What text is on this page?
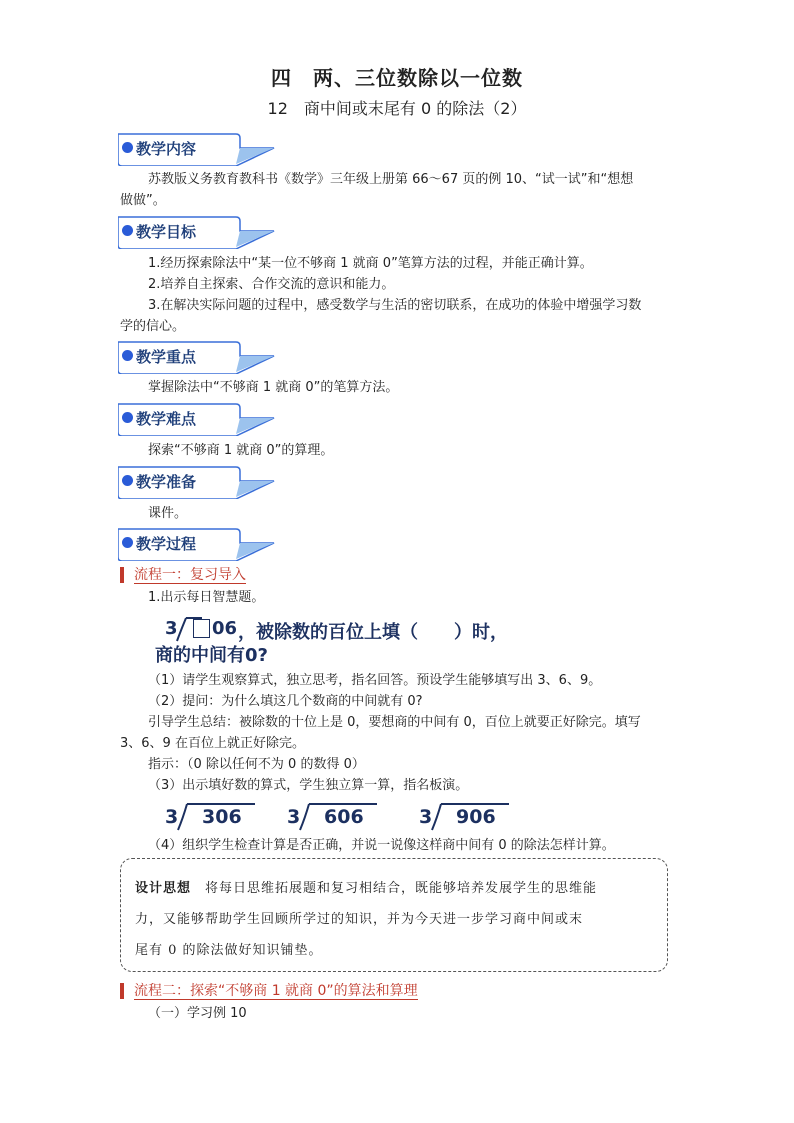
四　两、三位数除以一位数
12　商中间或末尾有 0 的除法（2）
教学内容
苏教版义务教育教科书《数学》三年级上册第 66～67 页的例 10、“试一试”和“想想
做做”。
教学目标
1.经历探索除法中“某一位不够商 1 就商 0”笔算方法的过程，并能正确计算。
2.培养自主探索、合作交流的意识和能力。
3.在解决实际问题的过程中，感受数学与生活的密切联系，在成功的体验中增强学习数
学的信心。
教学重点
掌握除法中“不够商 1 就商 0”的笔算方法。
教学难点
探索“不够商 1 就商 0”的算理。
教学准备
课件。
教学过程
流程一：复习导入
1.出示每日智慧题。
3 06 ，被除数的百位上填（　　）时，
商的中间有0?
（1）请学生观察算式，独立思考，指名回答。预设学生能够填写出 3、6、9。
（2）提问：为什么填这几个数商的中间就有 0?
引导学生总结：被除数的十位上是 0，要想商的中间有 0，百位上就要正好除完。填写
3、6、9 在百位上就正好除完。
指示：（0 除以任何不为 0 的数得 0）
（3）出示填好数的算式，学生独立算一算，指名板演。
3 306 3 606	3 906
（4）组织学生检查计算是否正确，并说一说像这样商中间有 0 的除法怎样计算。
设计思想　 将每日思维拓展题和复习相结合，既能够培养发展学生的思维能
力，又能够帮助学生回顾所学过的知识，并为今天进一步学习商中间或末
尾有 0 的除法做好知识铺垫。
流程二：探索“不够商 1 就商 0”的算法和算理
（一）学习例 10
